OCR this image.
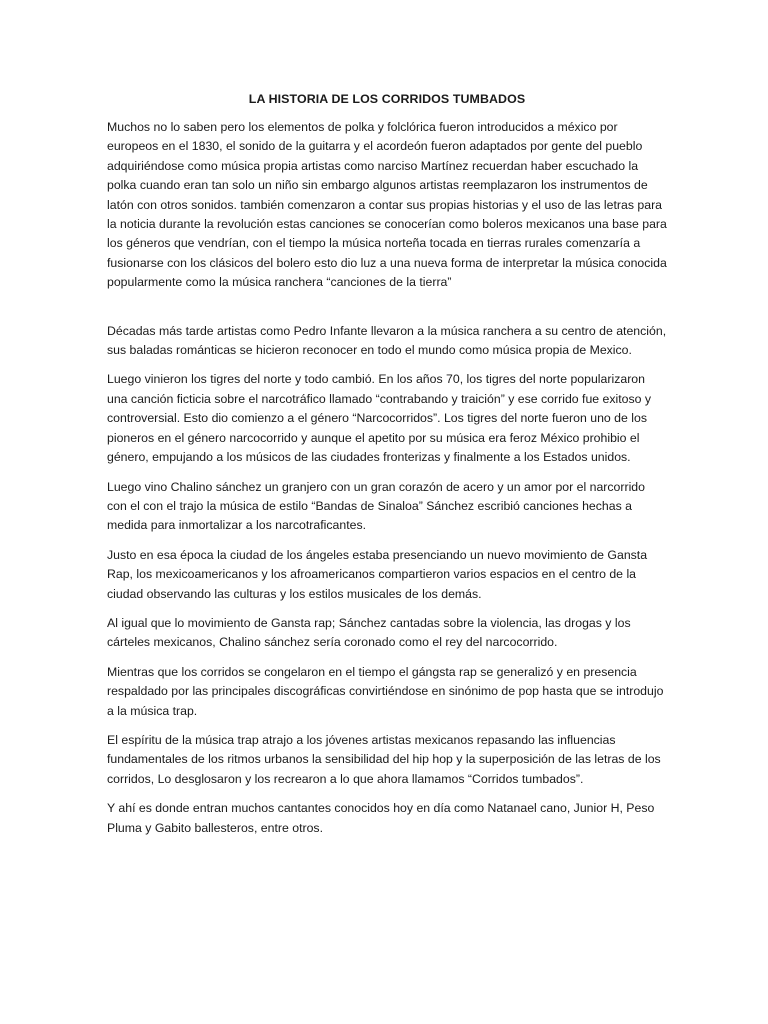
LA HISTORIA DE LOS CORRIDOS TUMBADOS

Muchos no lo saben pero los elementos de polka y folclórica fueron introducidos a méxico por europeos en el 1830, el sonido de la guitarra y el acordeón fueron adaptados por gente del pueblo adquiriéndose como música propia artistas como narciso Martínez recuerdan haber escuchado la polka cuando eran tan solo un niño sin embargo algunos artistas reemplazaron los instrumentos de latón con otros sonidos. también comenzaron a contar sus propias historias y el uso de las letras para la noticia durante la revolución estas canciones se conocerían como boleros mexicanos una base para los géneros que vendrían, con el tiempo la música norteña tocada en tierras rurales comenzaría a fusionarse con los clásicos del bolero esto dio luz a una nueva forma de interpretar la música conocida popularmente como la música ranchera “canciones de la tierra”

Décadas más tarde artistas como Pedro Infante llevaron a la música ranchera a su centro de atención, sus baladas románticas se hicieron reconocer en todo el mundo como música propia de Mexico.

Luego vinieron los tigres del norte y todo cambió. En los años 70, los tigres del norte popularizaron una canción ficticia sobre el narcotráfico llamado “contrabando y traición” y ese corrido fue exitoso y controversial. Esto dio comienzo a el género “Narcocorridos”. Los tigres del norte fueron uno de los pioneros en el género narcocorrido y aunque el apetito por su música era feroz México prohibio el género, empujando a los músicos de las ciudades fronterizas y finalmente a los Estados unidos.

Luego vino Chalino sánchez un granjero con un gran corazón de acero y un amor por el narcorrido con el con el trajo la música de estilo “Bandas de Sinaloa” Sánchez escribió canciones hechas a medida para inmortalizar a los narcotraficantes.

Justo en esa época la ciudad de los ángeles estaba presenciando un nuevo movimiento de Gansta Rap, los mexicoamericanos y los afroamericanos compartieron varios espacios en el centro de la ciudad observando las culturas y los estilos musicales de los demás.

Al igual que lo movimiento de Gansta rap; Sánchez cantadas sobre la violencia, las drogas y los cárteles mexicanos, Chalino sánchez sería coronado como el rey del narcocorrido.

Mientras que los corridos se congelaron en el tiempo el gángsta rap se generalizó y en presencia respaldado por las principales discográficas convirtiéndose en sinónimo de pop hasta que se introdujo a la música trap.

El espíritu de la música trap atrajo a los jóvenes artistas mexicanos repasando las influencias fundamentales de los ritmos urbanos la sensibilidad del hip hop y la superposición de las letras de los corridos, Lo desglosaron y los recrearon a lo que ahora llamamos “Corridos tumbados”.

Y ahí es donde entran muchos cantantes conocidos hoy en día como Natanael cano, Junior H, Peso Pluma y Gabito ballesteros, entre otros.
